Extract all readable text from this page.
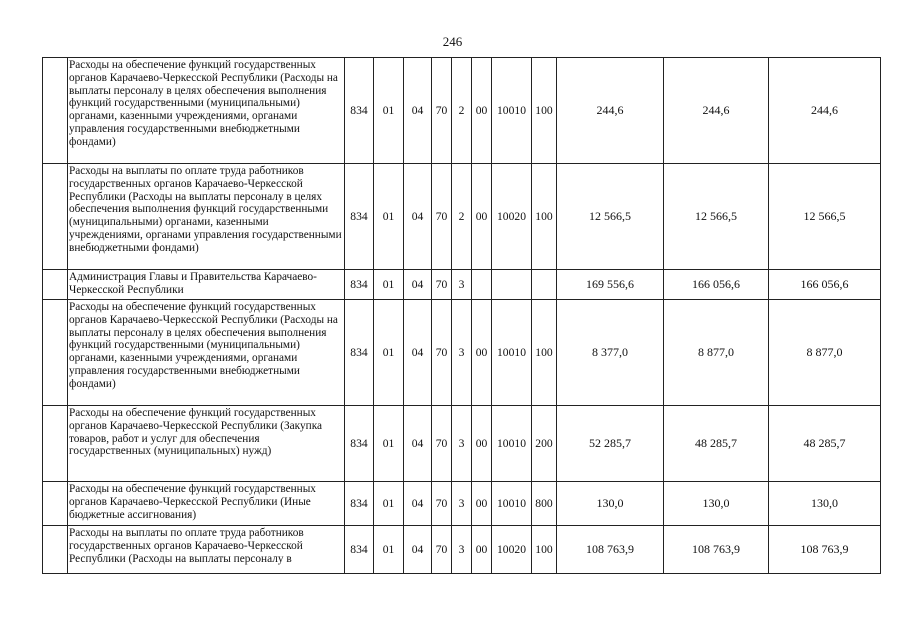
246
	Расходы на обеспечение функций государственных органов Карачаево-Черкесской Республики (Расходы на выплаты персоналу в целях обеспечения выполнения функций государственными (муниципальными) органами, казенными учреждениями, органами управления государственными внебюджетными фондами)	834	01	04	70	2	00	10010	100	244,6	244,6	244,6
	Расходы на выплаты по оплате труда работников государственных органов Карачаево-Черкесской Республики (Расходы на выплаты персоналу в целях обеспечения выполнения функций государственными (муниципальными) органами, казенными учреждениями, органами управления государственными внебюджетными фондами)	834	01	04	70	2	00	10020	100	12 566,5	12 566,5	12 566,5
	Администрация Главы и Правительства Карачаево-Черкесской Республики	834	01	04	70	3				169 556,6	166 056,6	166 056,6
	Расходы на обеспечение функций государственных органов Карачаево-Черкесской Республики (Расходы на выплаты персоналу в целях обеспечения выполнения функций государственными (муниципальными) органами, казенными учреждениями, органами управления государственными внебюджетными фондами)	834	01	04	70	3	00	10010	100	8 377,0	8 877,0	8 877,0
	Расходы на обеспечение функций государственных органов Карачаево-Черкесской Республики (Закупка товаров, работ и услуг для обеспечения государственных (муниципальных) нужд)	834	01	04	70	3	00	10010	200	52 285,7	48 285,7	48 285,7
	Расходы на обеспечение функций государственных органов Карачаево-Черкесской Республики (Иные бюджетные ассигнования)	834	01	04	70	3	00	10010	800	130,0	130,0	130,0
	Расходы на выплаты по оплате труда работников государственных органов Карачаево-Черкесской Республики (Расходы на выплаты персоналу в	834	01	04	70	3	00	10020	100	108 763,9	108 763,9	108 763,9
